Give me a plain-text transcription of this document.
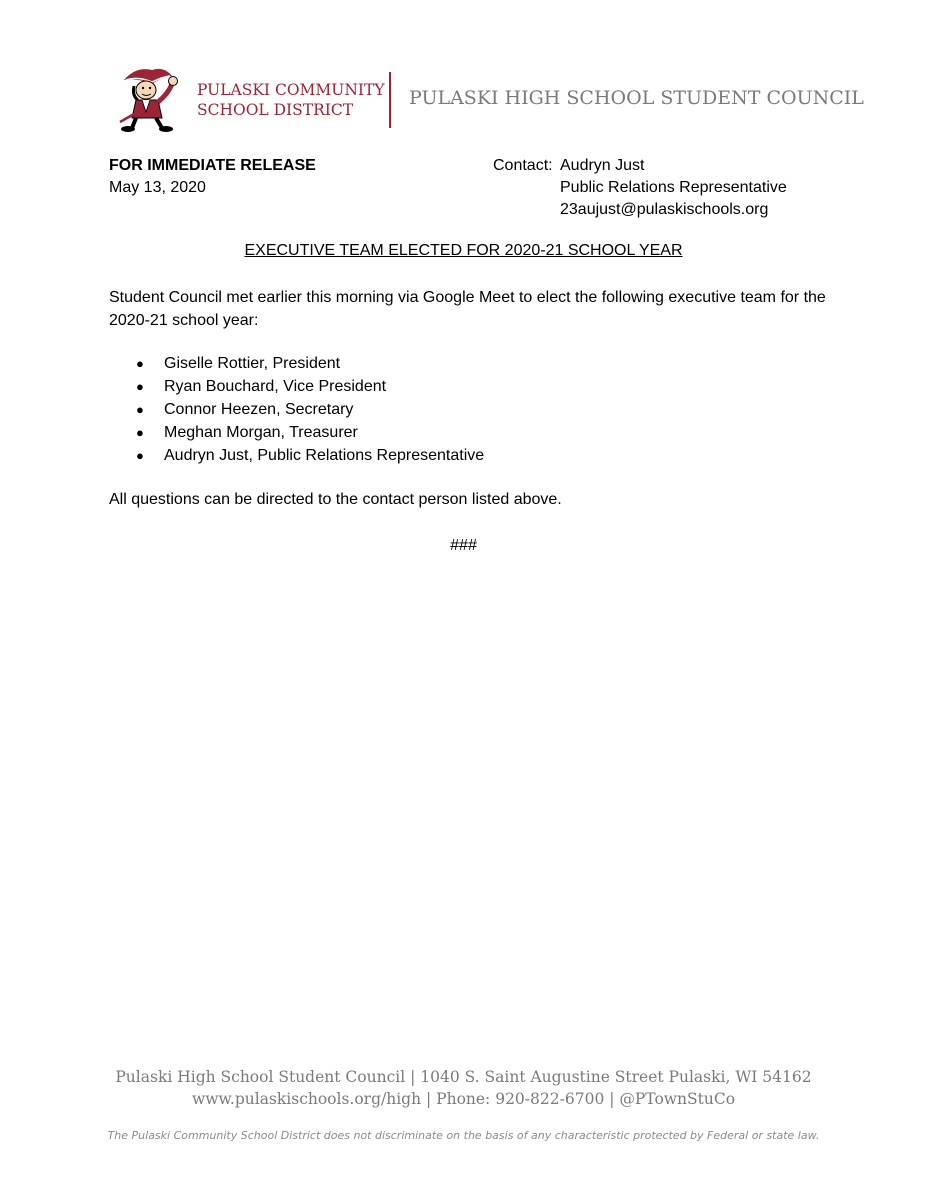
PULASKI COMMUNITY
SCHOOL DISTRICT
PULASKI HIGH SCHOOL STUDENT COUNCIL
FOR IMMEDIATE RELEASE
May 13, 2020
Contact: Audryn Just
Public Relations Representative
23aujust@pulaskischools.org
EXECUTIVE TEAM ELECTED FOR 2020-21 SCHOOL YEAR
Student Council met earlier this morning via Google Meet to elect the following executive team for the 2020-21 school year:
● Giselle Rottier, President
● Ryan Bouchard, Vice President
● Connor Heezen, Secretary
● Meghan Morgan, Treasurer
● Audryn Just, Public Relations Representative
All questions can be directed to the contact person listed above.
###
Pulaski High School Student Council | 1040 S. Saint Augustine Street Pulaski, WI 54162
www.pulaskischools.org/high | Phone: 920-822-6700 | @PTownStuCo
The Pulaski Community School District does not discriminate on the basis of any characteristic protected by Federal or state law.
